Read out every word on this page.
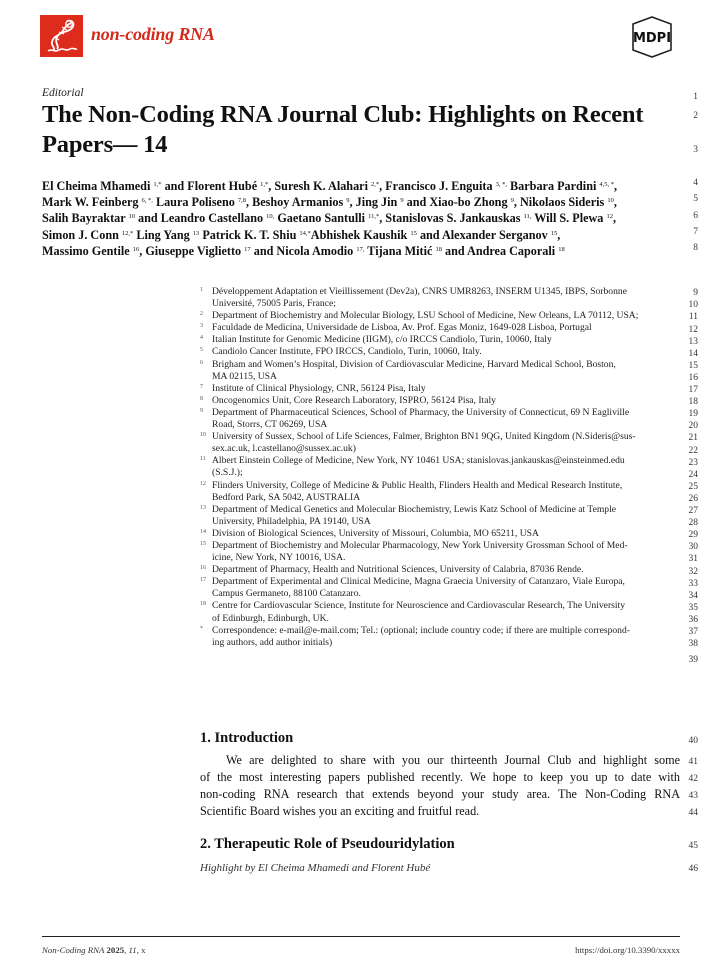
non-coding RNA	MDPI
1
2
3
4
5
6
7
8
9
10
11
12
13
14
15
16
17
18
19
20
21
22
23
24
25
26
27
28
29
30
31
32
33
34
35
36
37
38
39
40
41
42
43
44
45
46
Editorial
The Non-Coding RNA Journal Club: Highlights on Recent
Papers— 14
El Cheima Mhamedi $^{1,*}$ and Florent Hubé $^{1,*}$, Suresh K. Alahari $^{2,*}$, Francisco J. Enguita $^{3, *,}$ Barbara Pardini $^{4,5, *}$,
Mark W. Feinberg $^{6, *,}$ Laura Poliseno $^{7,8}$, Beshoy Armanios $^9$, Jing Jin $^9$ and Xiao-bo Zhong $^9$, Nikolaos Sideris $^{10}$,
Salih Bayraktar $^{10}$ and Leandro Castellano $^{10,}$ Gaetano Santulli $^{11,*}$, Stanislovas S. Jankauskas $^{11,}$ Will S. Plewa $^{12}$,
Simon J. Conn $^{12,*}$ Ling Yang $^{13}$ Patrick K. T. Shiu $^{14,*}$Abhishek Kaushik $^{15}$ and Alexander Serganov $^{15}$,
Massimo Gentile $^{16}$, Giuseppe Viglietto $^{17}$ and Nicola Amodio $^{17,}$ Tijana Mitić $^{18}$ and Andrea Caporali $^{18}$
1 Développement Adaptation et Vieillissement (Dev2a), CNRS UMR8263, INSERM U1345, IBPS, Sorbonne
Université, 75005 Paris, France;
2 Department of Biochemistry and Molecular Biology, LSU School of Medicine, New Orleans, LA 70112, USA;
3 Faculdade de Medicina, Universidade de Lisboa, Av. Prof. Egas Moniz, 1649-028 Lisboa, Portugal
4 Italian Institute for Genomic Medicine (IIGM), c/o IRCCS Candiolo, Turin, 10060, Italy
5 Candiolo Cancer Institute, FPO IRCCS, Candiolo, Turin, 10060, Italy.
6 Brigham and Women’s Hospital, Division of Cardiovascular Medicine, Harvard Medical School, Boston,
MA 02115, USA
7 Institute of Clinical Physiology, CNR, 56124 Pisa, Italy
8 Oncogenomics Unit, Core Research Laboratory, ISPRO, 56124 Pisa, Italy
9 Department of Pharmaceutical Sciences, School of Pharmacy, the University of Connecticut, 69 N Eagliville
Road, Storrs, CT 06269, USA
10 University of Sussex, School of Life Sciences, Falmer, Brighton BN1 9QG, United Kingdom (N.Sideris@sus-
sex.ac.uk, l.castellano@sussex.ac.uk)
11 Albert Einstein College of Medicine, New York, NY 10461 USA; stanislovas.jankauskas@einsteinmed.edu
(S.S.J.);
12 Flinders University, College of Medicine & Public Health, Flinders Health and Medical Research Institute,
Bedford Park, SA 5042, AUSTRALIA
13 Department of Medical Genetics and Molecular Biochemistry, Lewis Katz School of Medicine at Temple
University, Philadelphia, PA 19140, USA
14 Division of Biological Sciences, University of Missouri, Columbia, MO 65211, USA
15 Department of Biochemistry and Molecular Pharmacology, New York University Grossman School of Med-
icine, New York, NY 10016, USA.
16 Department of Pharmacy, Health and Nutritional Sciences, University of Calabria, 87036 Rende.
17 Department of Experimental and Clinical Medicine, Magna Graecia University of Catanzaro, Viale Europa,
Campus Germaneto, 88100 Catanzaro.
18 Centre for Cardiovascular Science, Institute for Neuroscience and Cardiovascular Research, The University
of Edinburgh, Edinburgh, UK.
* Correspondence: e-mail@e-mail.com; Tel.: (optional; include country code; if there are multiple correspond-
ing authors, add author initials)
1. Introduction
We are delighted to share with you our thirteenth Journal Club and highlight some
of the most interesting papers published recently. We hope to keep you up to date with
non-coding RNA research that extends beyond your study area. The Non-Coding RNA
Scientific Board wishes you an exciting and fruitful read.
2. Therapeutic Role of Pseudouridylation
Highlight by El Cheima Mhamedi and Florent Hubé
Non-Coding RNA 2025, 11, x	https://doi.org/10.3390/xxxxx
